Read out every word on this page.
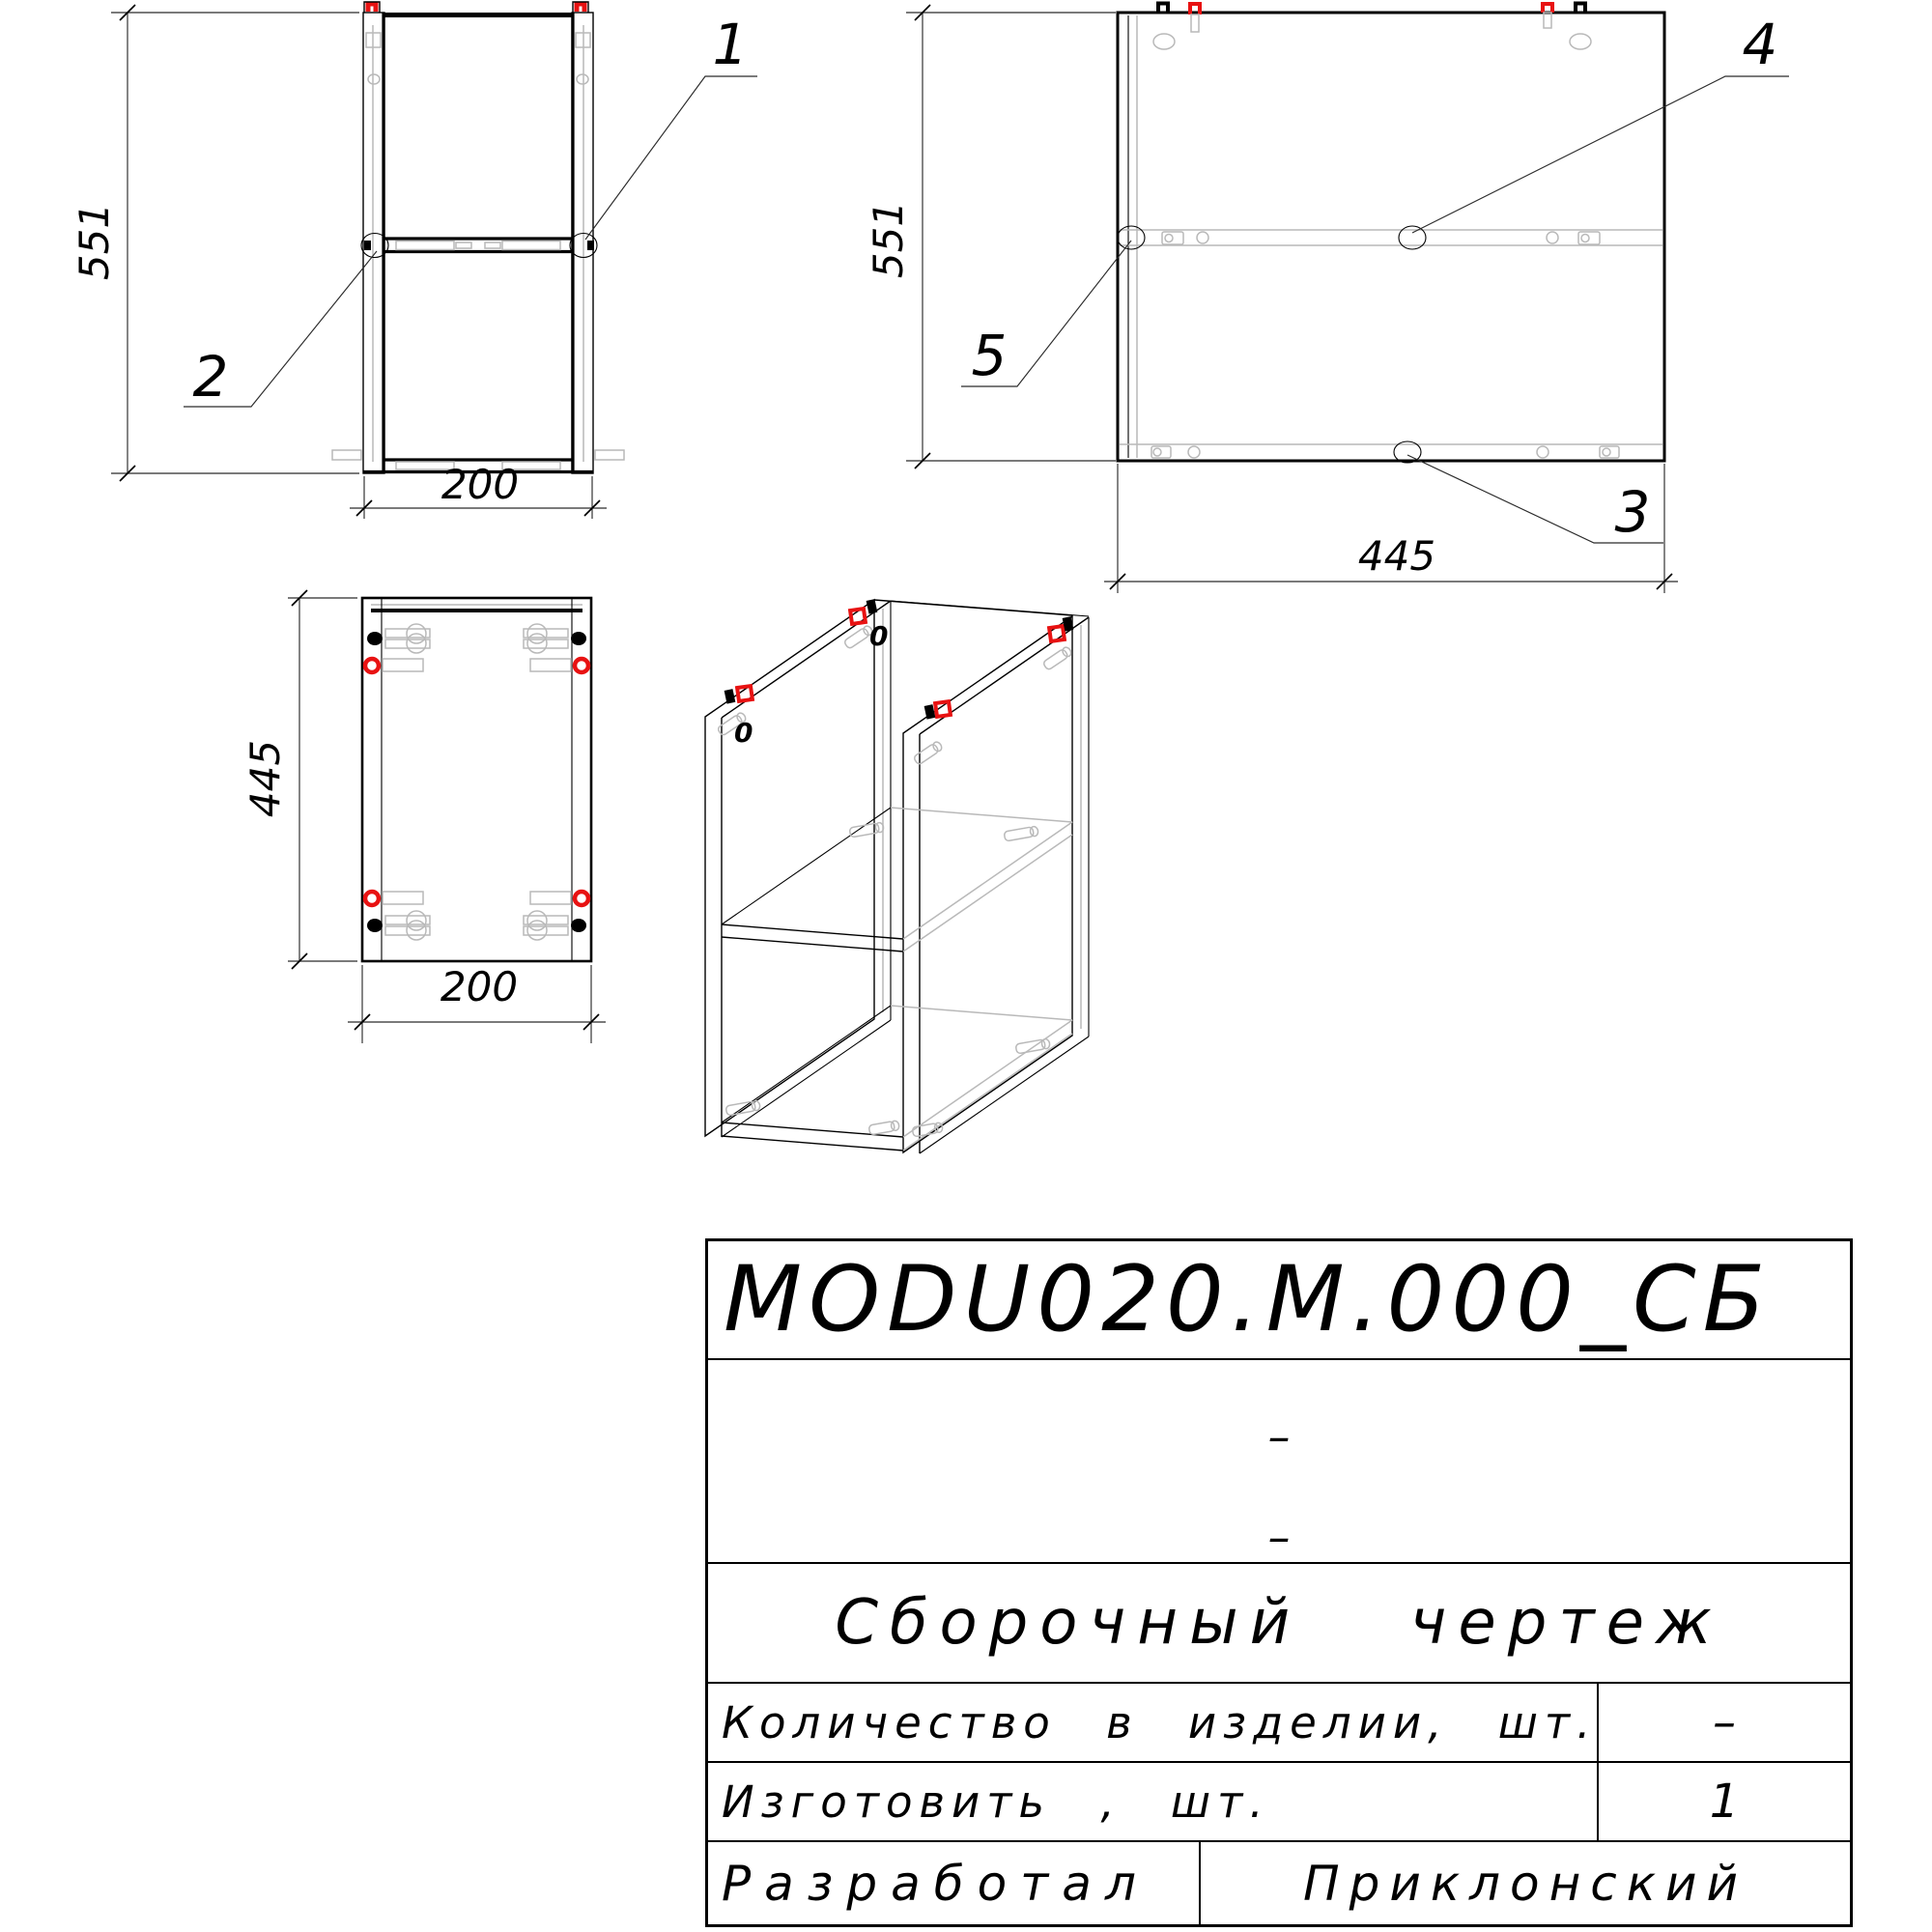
551
200
1
2
551
4
5
3
445
445
200
0
0
MODU020.M.000_СБ
–
–
Сборочный чертеж
Количество в изделии, шт.	–
Изготовить , шт.	1
Разработал	Приклонский
